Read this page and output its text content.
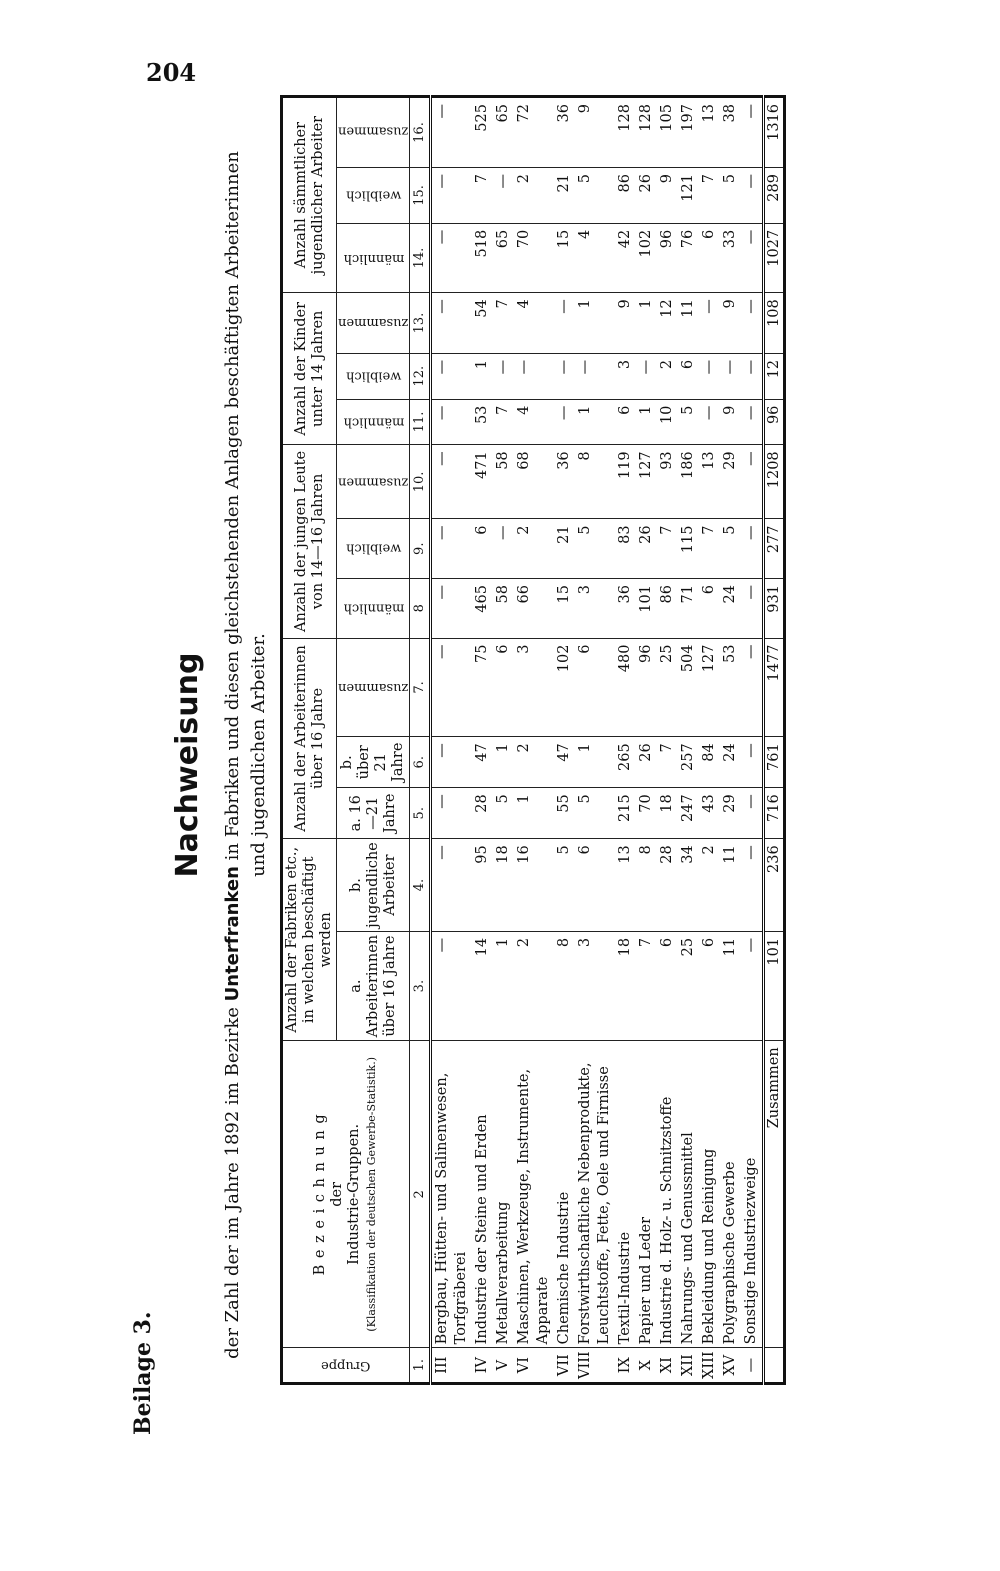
204
Beilage 3.
Nachweisung
der Zahl der im Jahre 1892 im Bezirke Unterfranken in Fabriken und diesen gleichstehenden Anlagen beschäftigten Arbeiterinnen und jugendlichen Arbeiter.
Gruppe	B e z e i c h n u n g der Industrie-Gruppen. (Klassifikation der deutschen Gewerbe-Statistik.)	Anzahl der Fabriken etc., in welchen beschäftigt werden		Anzahl der Arbeiterinnen über 16 Jahre			Anzahl der jungen Leute von 14—16 Jahren			Anzahl der Kinder unter 14 Jahren			Anzahl sämmtlicher jugendlicher Arbeiter		
		a. Arbeiterinnen über 16 Jahre	b. jugendliche Arbeiter	a. 16—21 Jahre	b. über 21 Jahre	zusammen	männlich	weiblich	zusammen	männlich	weiblich	zusammen	männlich	weiblich	zusammen
1.	2	3.	4.	5.	6.	7.	8	9.	10.	11.	12.	13.	14.	15.	16.
III	Bergbau, Hütten- und Salinenwesen, Torfgräberei	—	—	—	—	—	—	—	—	—	—	—	—	—	—
IV	Industrie der Steine und Erden	14	95	28	47	75	465	6	471	53	1	54	518	7	525
V	Metallverarbeitung	1	18	5	1	6	58	—	58	7	—	7	65	—	65
VI	Maschinen, Werkzeuge, Instrumente, Apparate	2	16	1	2	3	66	2	68	4	—	4	70	2	72
VII	Chemische Industrie	8	5	55	47	102	15	21	36	—	—	—	15	21	36
VIII	Forstwirthschaftliche Nebenprodukte, Leuchtstoffe, Fette, Oele und Firnisse	3	6	5	1	6	3	5	8	1	—	1	4	5	9
IX	Textil-Industrie	18	13	215	265	480	36	83	119	6	3	9	42	86	128
X	Papier und Leder	7	8	70	26	96	101	26	127	1	—	1	102	26	128
XI	Industrie d. Holz- u. Schnitzstoffe	6	28	18	7	25	86	7	93	10	2	12	96	9	105
XII	Nahrungs- und Genussmittel	25	34	247	257	504	71	115	186	5	6	11	76	121	197
XIII	Bekleidung und Reinigung	6	2	43	84	127	6	7	13	—	—	—	6	7	13
XV	Polygraphische Gewerbe	11	11	29	24	53	24	5	29	9	—	9	33	5	38
—	Sonstige Industriezweige	—	—	—	—	—	—	—	—	—	—	—	—	—	—
	Zusammen	101	236	716	761	1477	931	277	1208	96	12	108	1027	289	1316
